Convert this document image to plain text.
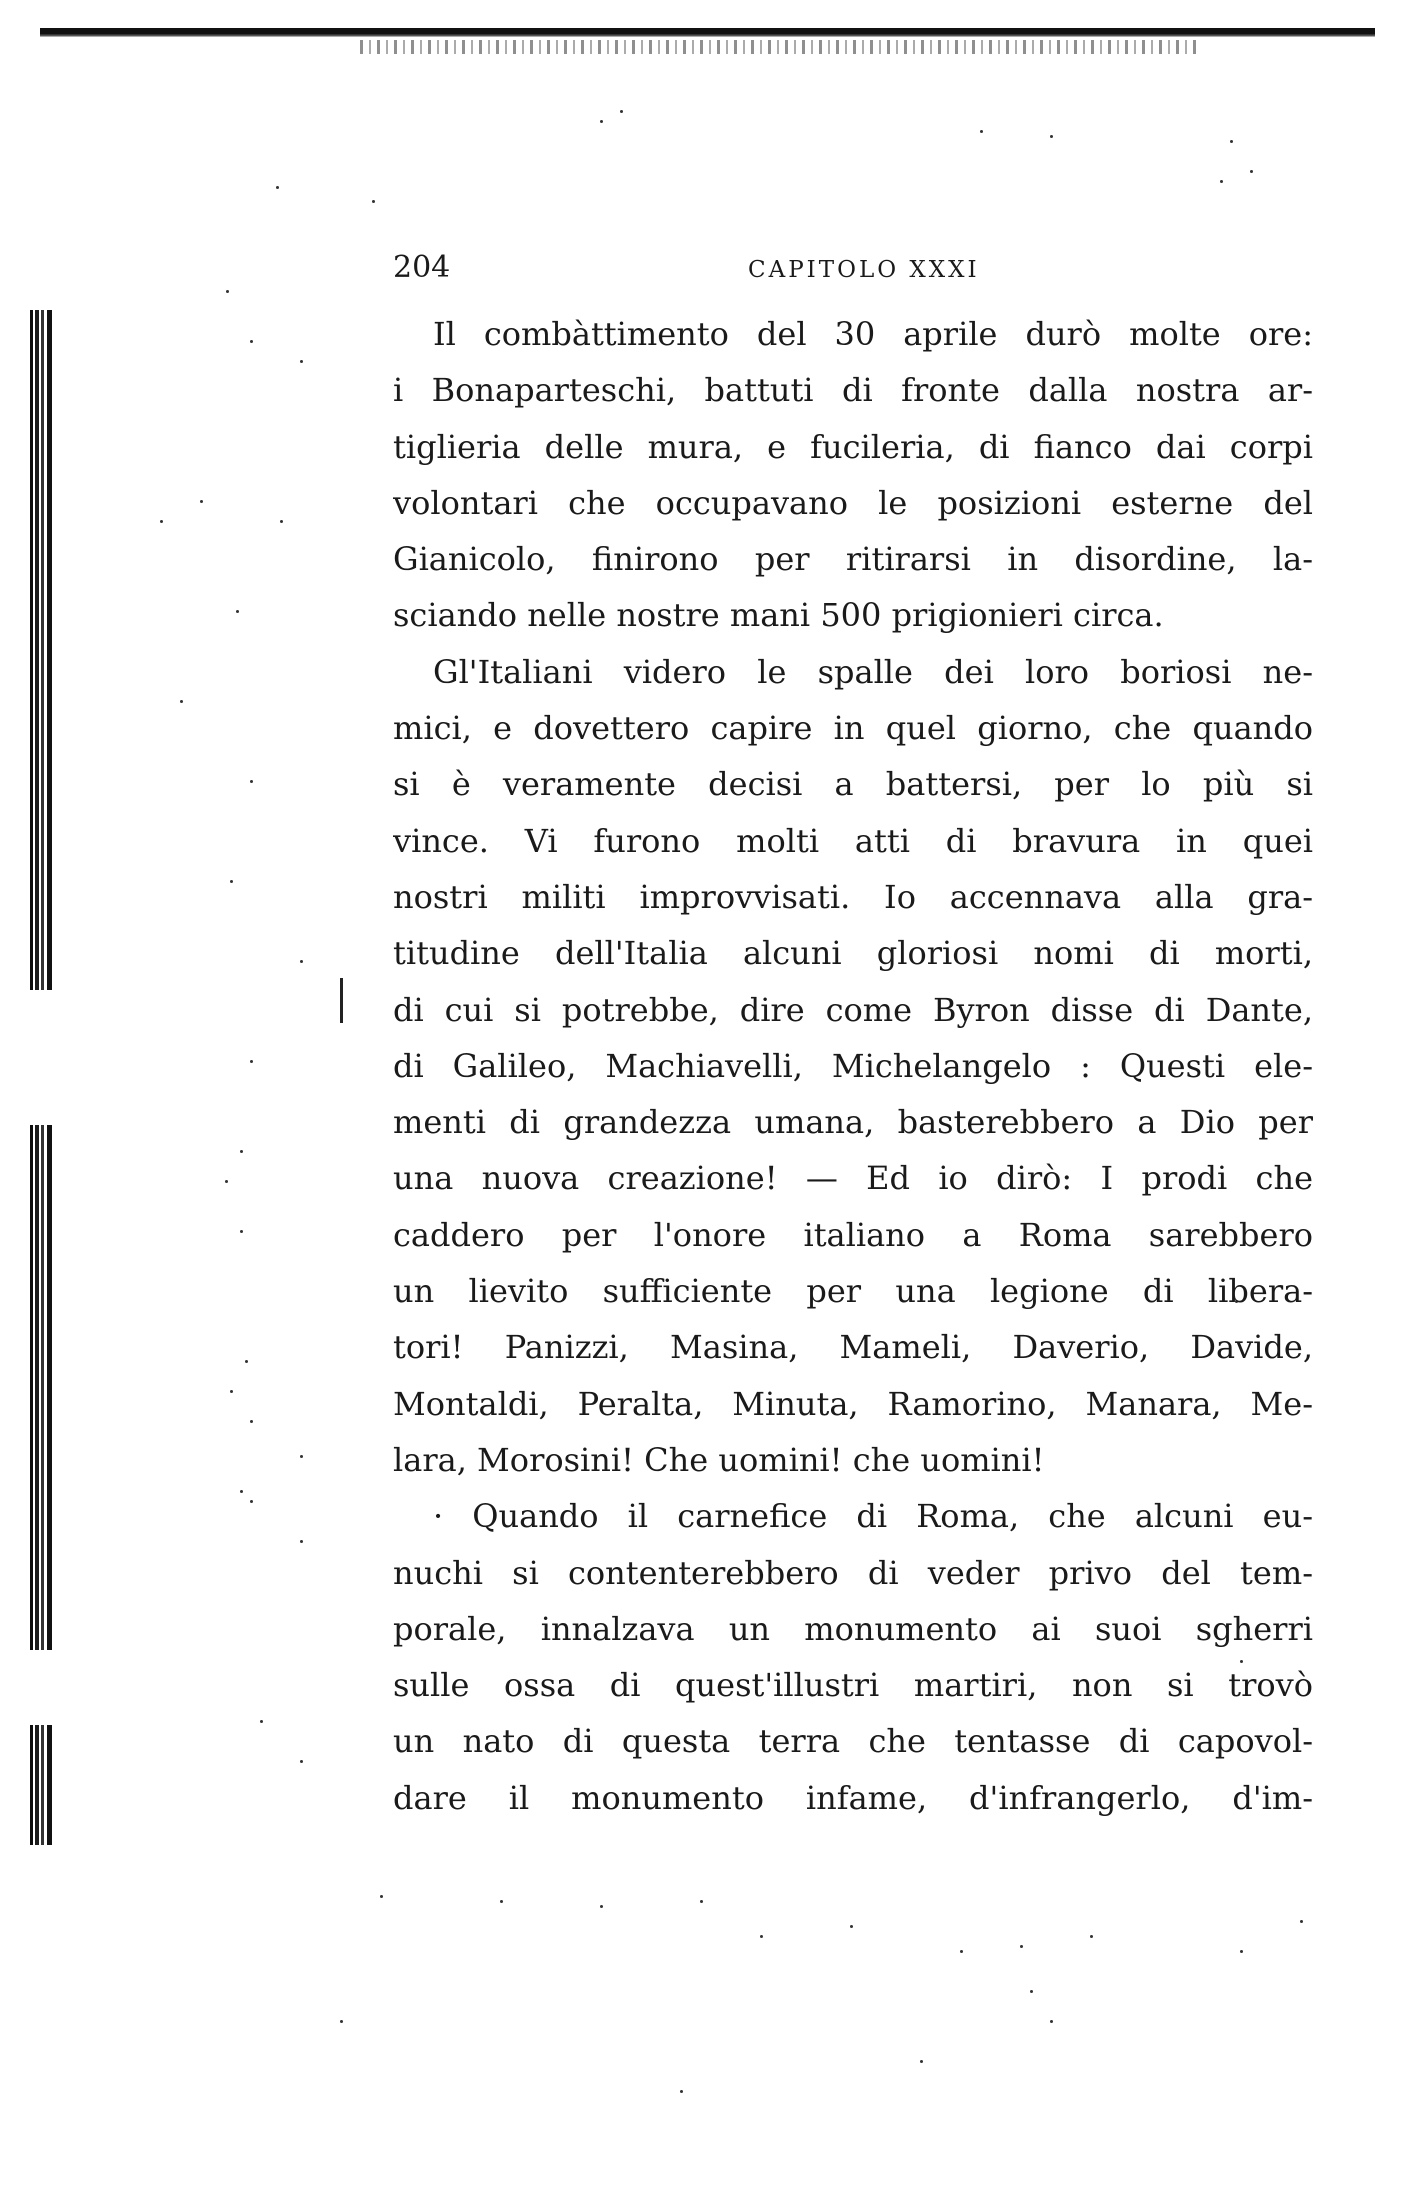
204	CAPITOLO XXXI
Il combàttimento del 30 aprile durò molte ore:
i Bonaparteschi, battuti di fronte dalla nostra ar-
tiglieria delle mura, e fucileria, di fianco dai corpi
volontari che occupavano le posizioni esterne del
Gianicolo, finirono per ritirarsi in disordine, la-
sciando nelle nostre mani 500 prigionieri circa.
Gl'Italiani videro le spalle dei loro boriosi ne-
mici, e dovettero capire in quel giorno, che quando
si è veramente decisi a battersi, per lo più si
vince. Vi furono molti atti di bravura in quei
nostri militi improvvisati. Io accennava alla gra-
titudine dell'Italia alcuni gloriosi nomi di morti,
di cui si potrebbe, dire come Byron disse di Dante,
di Galileo, Machiavelli, Michelangelo : Questi ele-
menti di grandezza umana, basterebbero a Dio per
una nuova creazione! — Ed io dirò: I prodi che
caddero per l'onore italiano a Roma sarebbero
un lievito sufficiente per una legione di libera-
tori! Panizzi, Masina, Mameli, Daverio, Davide,
Montaldi, Peralta, Minuta, Ramorino, Manara, Me-
lara, Morosini! Che uomini! che uomini!
· Quando il carnefice di Roma, che alcuni eu-
nuchi si contenterebbero di veder privo del tem-
porale, innalzava un monumento ai suoi sgherri
sulle ossa di quest'illustri martiri, non si trovò
un nato di questa terra che tentasse di capovol-
dare il monumento infame, d'infrangerlo, d'im-
